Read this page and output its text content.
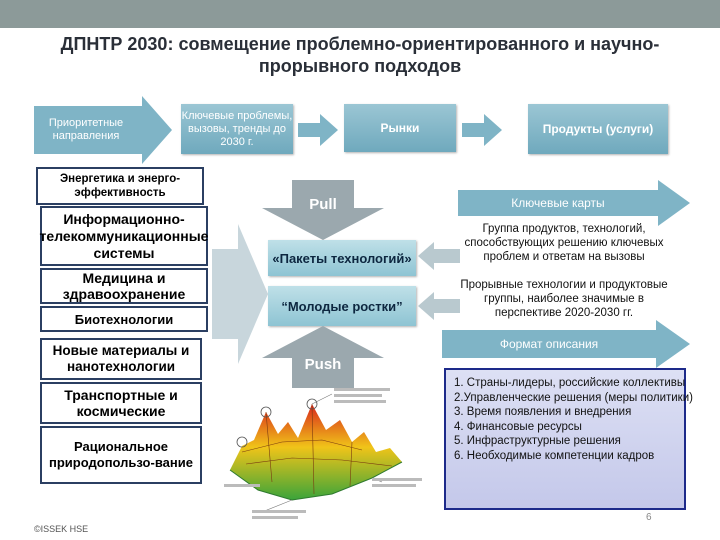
ДПНТР 2030: совмещение проблемно-ориентированного и научно-прорывного подходов
Приоритетные направления
Ключевые проблемы, вызовы, тренды до 2030 г.
Рынки	Продукты (услуги)
Энергетика и энерго-эффективность
Информационно-телекоммуникационные системы
Медицина и здравоохранение
Биотехнологии
Новые материалы и нанотехнологии
Транспортные и космические
Рациональное природопользо-вание
Pull
«Пакеты технологий»
“Молодые ростки”
Push
Ключевые карты
Группа продуктов, технологий, способствующих решению ключевых проблем и ответам на вызовы
Прорывные технологии и продуктовые группы, наиболее значимые в перспективе 2020-2030 гг.
Формат описания
1. Страны-лидеры, российские коллективы
2.Управленческие решения (меры политики)
3. Время появления и внедрения
4. Финансовые ресурсы
5. Инфраструктурные решения
6. Необходимые компетенции кадров
6
©ISSEK HSE
